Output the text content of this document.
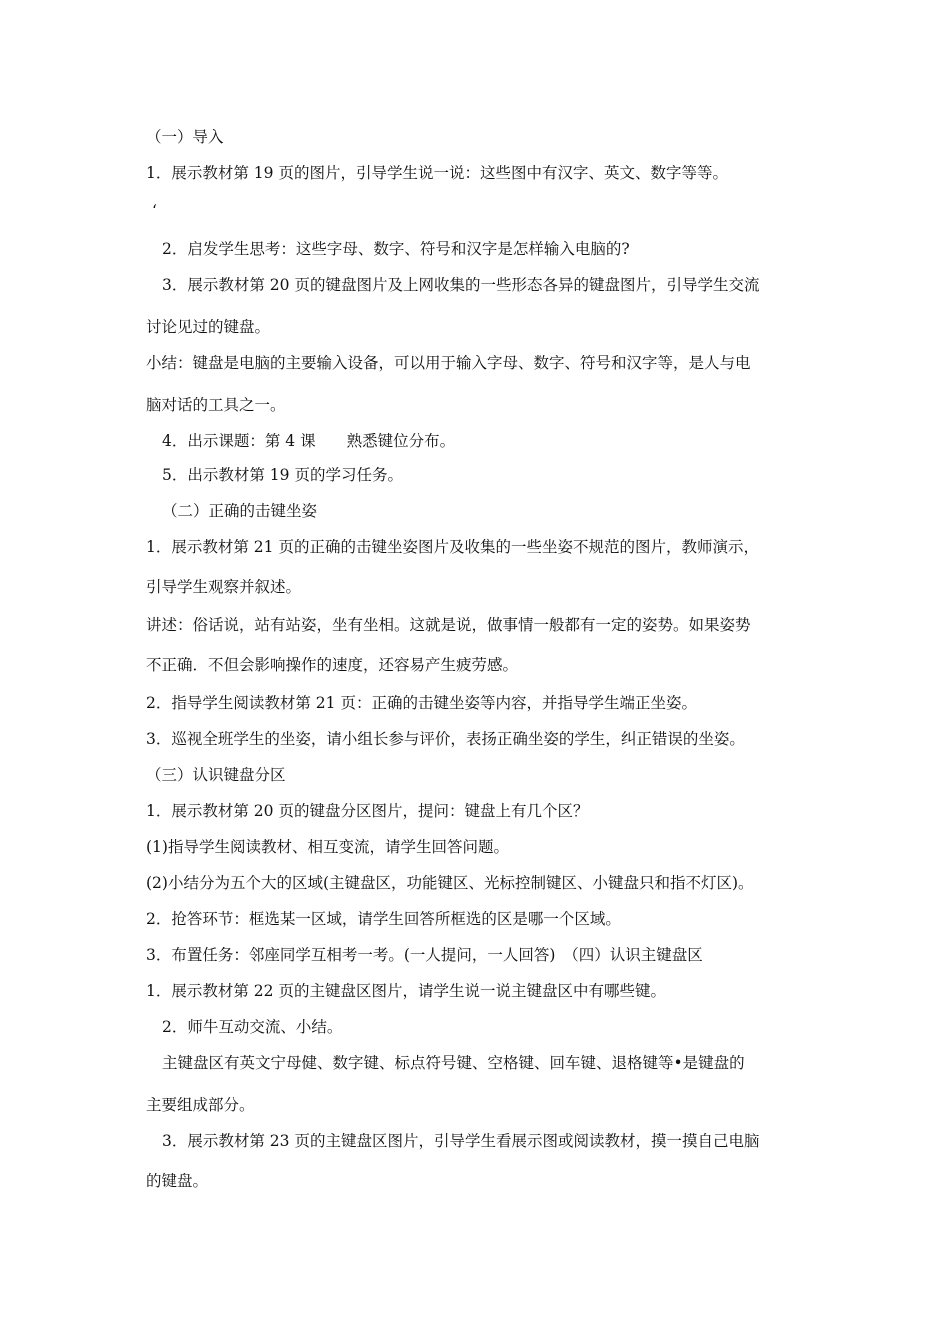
（一）导入
1．展示教材第 19 页的图片，引导学生说一说：这些图中有汉字、英文、数字等等。
‘
2．启发学生思考：这些字母、数字、符号和汉字是怎样输入电脑的?
3．展示教材第 20 页的键盘图片及上网收集的一些形态各异的键盘图片，引导学生交流
讨论见过的键盘。
小结：键盘是电脑的主要输入设备，可以用于输入字母、数字、符号和汉字等，是人与电
脑对话的工具之一。
4．出示课题：第 4 课　　熟悉键位分布。
5．出示教材第 19 页的学习任务。
（二）正确的击键坐姿
1．展示教材第 21 页的正确的击键坐姿图片及收集的一些坐姿不规范的图片，教师演示，
引导学生观察并叙述。
讲述：俗话说，站有站姿，坐有坐相。这就是说，做事情一般都有一定的姿势。如果姿势
不正确．不但会影响操作的速度，还容易产生疲劳感。
2．指导学生阅读教材第 21 页：正确的击键坐姿等内容，并指导学生端正坐姿。
3．巡视全班学生的坐姿，请小组长参与评价，表扬正确坐姿的学生，纠正错误的坐姿。
（三）认识键盘分区
1．展示教材第 20 页的键盘分区图片，提问：键盘上有几个区？
(1)指导学生阅读教材、相互变流，请学生回答问题。
(2)小结分为五个大的区域(主键盘区，功能键区、光标控制键区、小键盘只和指不灯区)。
2．抢答环节：框选某一区域，请学生回答所框选的区是哪一个区域。
3．布置任务：邻座同学互相考一考。(一人提问，一人回答)　（四）认识主键盘区
1．展示教材第 22 页的主键盘区图片，请学生说一说主键盘区中有哪些键。
2．师牛互动交流、小结。
主键盘区有英文宁母健、数字键、标点符号键、空格键、回车键、退格键等•是键盘的
主要组成部分。
3．展示教材第 23 页的主键盘区图片，引导学生看展示图或阅读教材，摸一摸自己电脑
的键盘。
